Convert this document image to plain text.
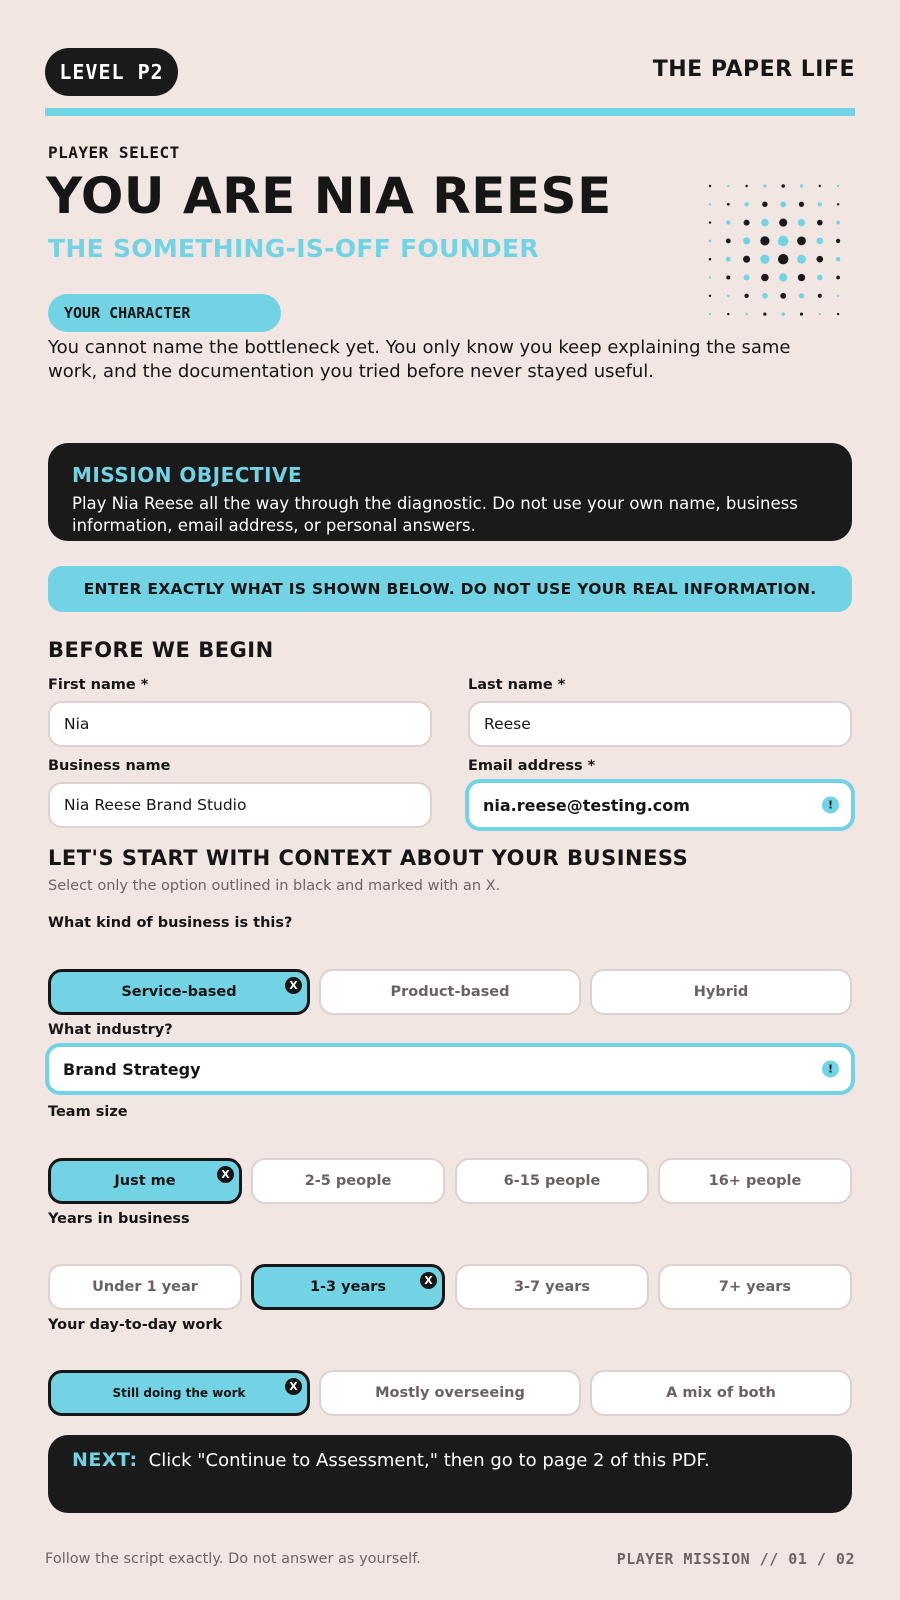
LEVEL P2	THE PAPER LIFE
PLAYER SELECT
YOU ARE NIA REESE
THE SOMETHING-IS-OFF FOUNDER
YOUR CHARACTER
You cannot name the bottleneck yet. You only know you keep explaining the same work, and the documentation you tried before never stayed useful.
MISSION OBJECTIVE
Play Nia Reese all the way through the diagnostic. Do not use your own name, business information, email address, or personal answers.
ENTER EXACTLY WHAT IS SHOWN BELOW. DO NOT USE YOUR REAL INFORMATION.
BEFORE WE BEGIN
First name *
Nia
Last name *
Reese
Business name
Nia Reese Brand Studio
Email address *
nia.reese@testing.com	!
LET'S START WITH CONTEXT ABOUT YOUR BUSINESS
Select only the option outlined in black and marked with an X.
What kind of business is this?
Service-based	X	Product-based	Hybrid
What industry?
Brand Strategy	!
Team size
Just me	X	2-5 people	6-15 people	16+ people
Years in business
Under 1 year	1-3 years	X	3-7 years	7+ years
Your day-to-day work
Still doing the work	X	Mostly overseeing	A mix of both
NEXT: Click "Continue to Assessment," then go to page 2 of this PDF.
Follow the script exactly. Do not answer as yourself.	PLAYER MISSION // 01 / 02
